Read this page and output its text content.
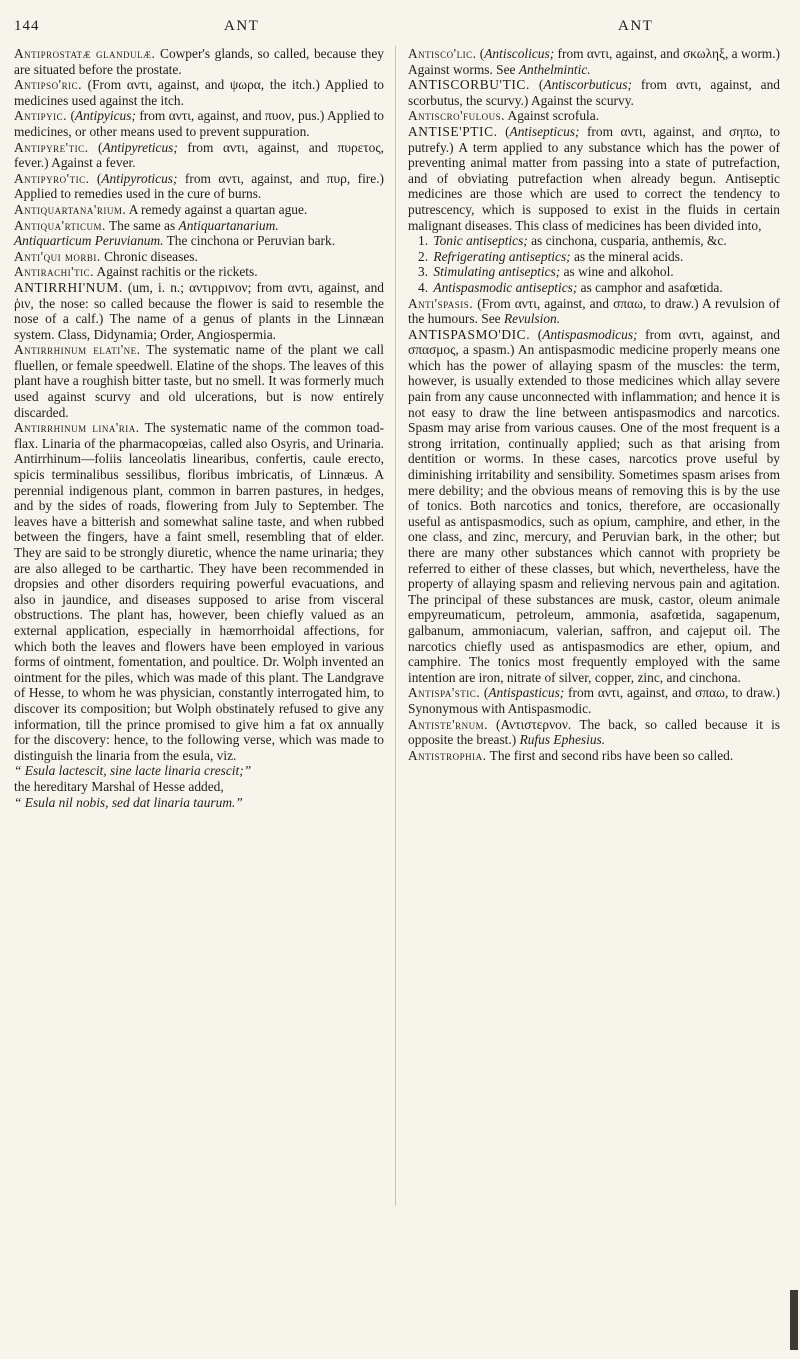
144	ANT	ANT

Antiprostatæ glandulæ. Cowper's glands, so called, because they are situated before the prostate.

Antipso'ric. (From αντι, against, and ψωρα, the itch.) Applied to medicines used against the itch.

Antipyic. (Antipyicus; from αντι, against, and πυον, pus.) Applied to medicines, or other means used to prevent suppuration.

Antipyre'tic. (Antipyreticus; from αντι, against, and πυρετος, fever.) Against a fever.

Antipyro'tic. (Antipyroticus; from αντι, against, and πυρ, fire.) Applied to remedies used in the cure of burns.

Antiquartana'rium. A remedy against a quartan ague.

Antiqua'rticum. The same as Antiquartanarium.

Antiquarticum Peruvianum. The cinchona or Peruvian bark.

Anti'qui morbi. Chronic diseases.

Antirachi'tic. Against rachitis or the rickets.

ANTIRRHI'NUM. (um, i. n.; αντιρριvον; from αντι, against, and ῥιν, the nose: so called because the flower is said to resemble the nose of a calf.) The name of a genus of plants in the Linnæan system. Class, Didynamia; Order, Angiospermia.

Antirrhinum elati'ne. The systematic name of the plant we call fluellen, or female speedwell. Elatine of the shops. The leaves of this plant have a roughish bitter taste, but no smell. It was formerly much used against scurvy and old ulcerations, but is now entirely discarded.

Antirrhinum lina'ria. The systematic name of the common toad-flax. Linaria of the pharmacopœias, called also Osyris, and Urinaria. Antirrhinum—foliis lanceolatis linearibus, confertis, caule erecto, spicis terminalibus sessilibus, floribus imbricatis, of Linnæus. A perennial indigenous plant, common in barren pastures, in hedges, and by the sides of roads, flowering from July to September. The leaves have a bitterish and somewhat saline taste, and when rubbed between the fingers, have a faint smell, resembling that of elder. They are said to be strongly diuretic, whence the name urinaria; they are also alleged to be carthartic. They have been recommended in dropsies and other disorders requiring powerful evacuations, and also in jaundice, and diseases supposed to arise from visceral obstructions. The plant has, however, been chiefly valued as an external application, especially in hæmorrhoidal affections, for which both the leaves and flowers have been employed in various forms of ointment, fomentation, and poultice. Dr. Wolph invented an ointment for the piles, which was made of this plant. The Landgrave of Hesse, to whom he was physician, constantly interrogated him, to discover its composition; but Wolph obstinately refused to give any information, till the prince promised to give him a fat ox annually for the discovery: hence, to the following verse, which was made to distinguish the linaria from the esula, viz.

“ Esula lactescit, sine lacte linaria crescit;”

the hereditary Marshal of Hesse added,

“ Esula nil nobis, sed dat linaria taurum.”

Antisco'lic. (Antiscolicus; from αντι, against, and σκωληξ, a worm.) Against worms. See Anthelmintic.

ANTISCORBU'TIC. (Antiscorbuticus; from αντι, against, and scorbutus, the scurvy.) Against the scurvy.

Antiscro'fulous. Against scrofula.

ANTISE'PTIC. (Antisepticus; from αντι, against, and σηπω, to putrefy.) A term applied to any substance which has the power of preventing animal matter from passing into a state of putrefaction, and of obviating putrefaction when already begun. Antiseptic medicines are those which are used to correct the tendency to putrescency, which is supposed to exist in the fluids in certain malignant diseases. This class of medicines has been divided into,

1. Tonic antiseptics; as cinchona, cusparia, anthemis, &c.

2. Refrigerating antiseptics; as the mineral acids.

3. Stimulating antiseptics; as wine and alkohol.

4. Antispasmodic antiseptics; as camphor and asafœtida.

Anti'spasis. (From αντι, against, and σπαω, to draw.) A revulsion of the humours. See Revulsion.

ANTISPASMO'DIC. (Antispasmodicus; from αντι, against, and σπασμος, a spasm.) An antispasmodic medicine properly means one which has the power of allaying spasm of the muscles: the term, however, is usually extended to those medicines which allay severe pain from any cause unconnected with inflammation; and hence it is not easy to draw the line between antispasmodics and narcotics. Spasm may arise from various causes. One of the most frequent is a strong irritation, continually applied; such as that arising from dentition or worms. In these cases, narcotics prove useful by diminishing irritability and sensibility. Sometimes spasm arises from mere debility; and the obvious means of removing this is by the use of tonics. Both narcotics and tonics, therefore, are occasionally useful as antispasmodics, such as opium, camphire, and ether, in the one class, and zinc, mercury, and Peruvian bark, in the other; but there are many other substances which cannot with propriety be referred to either of these classes, but which, nevertheless, have the property of allaying spasm and relieving nervous pain and agitation. The principal of these substances are musk, castor, oleum animale empyreumaticum, petroleum, ammonia, asafœtida, sagapenum, galbanum, ammoniacum, valerian, saffron, and cajeput oil. The narcotics chiefly used as antispasmodics are ether, opium, and camphire. The tonics most frequently employed with the same intention are iron, nitrate of silver, copper, zinc, and cinchona.

Antispa'stic. (Antispasticus; from αντι, against, and σπαω, to draw.) Synonymous with Antispasmodic.

Antiste'rnum. (Αντιστερνον. The back, so called because it is opposite the breast.) Rufus Ephesius.

Antistrophia. The first and second ribs have been so called.
